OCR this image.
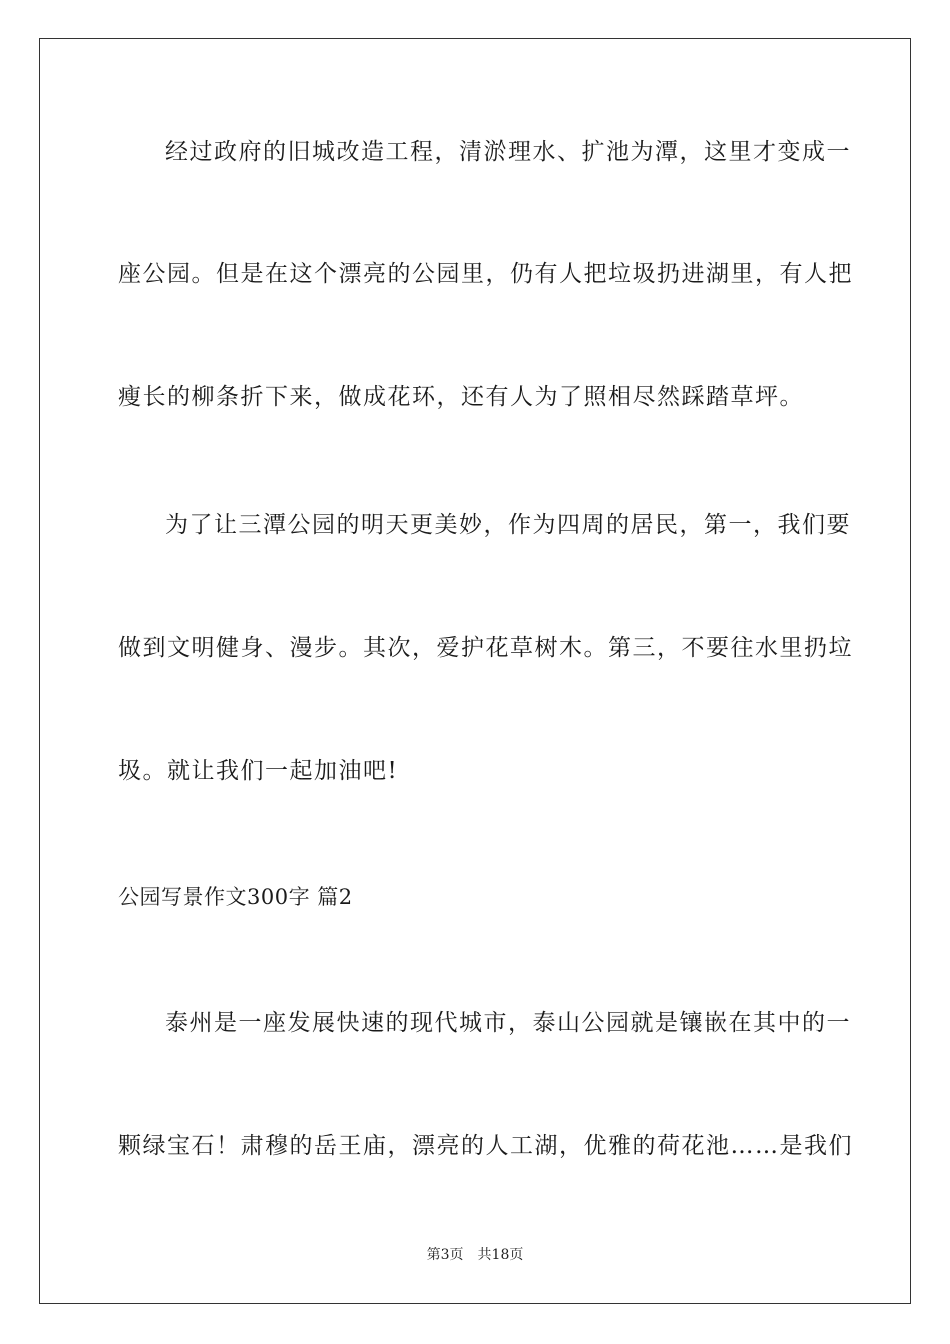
经过政府的旧城改造工程，清淤理水、扩池为潭，这里才变成一
座公园。但是在这个漂亮的公园里，仍有人把垃圾扔进湖里，有人把
瘦长的柳条折下来，做成花环，还有人为了照相尽然踩踏草坪。
为了让三潭公园的明天更美妙，作为四周的居民，第一，我们要
做到文明健身、漫步。其次，爱护花草树木。第三，不要往水里扔垃
圾。就让我们一起加油吧!
公园写景作文300字 篇2
泰州是一座发展快速的现代城市，泰山公园就是镶嵌在其中的一
颗绿宝石！肃穆的岳王庙，漂亮的人工湖，优雅的荷花池……是我们
第3页　共18页
